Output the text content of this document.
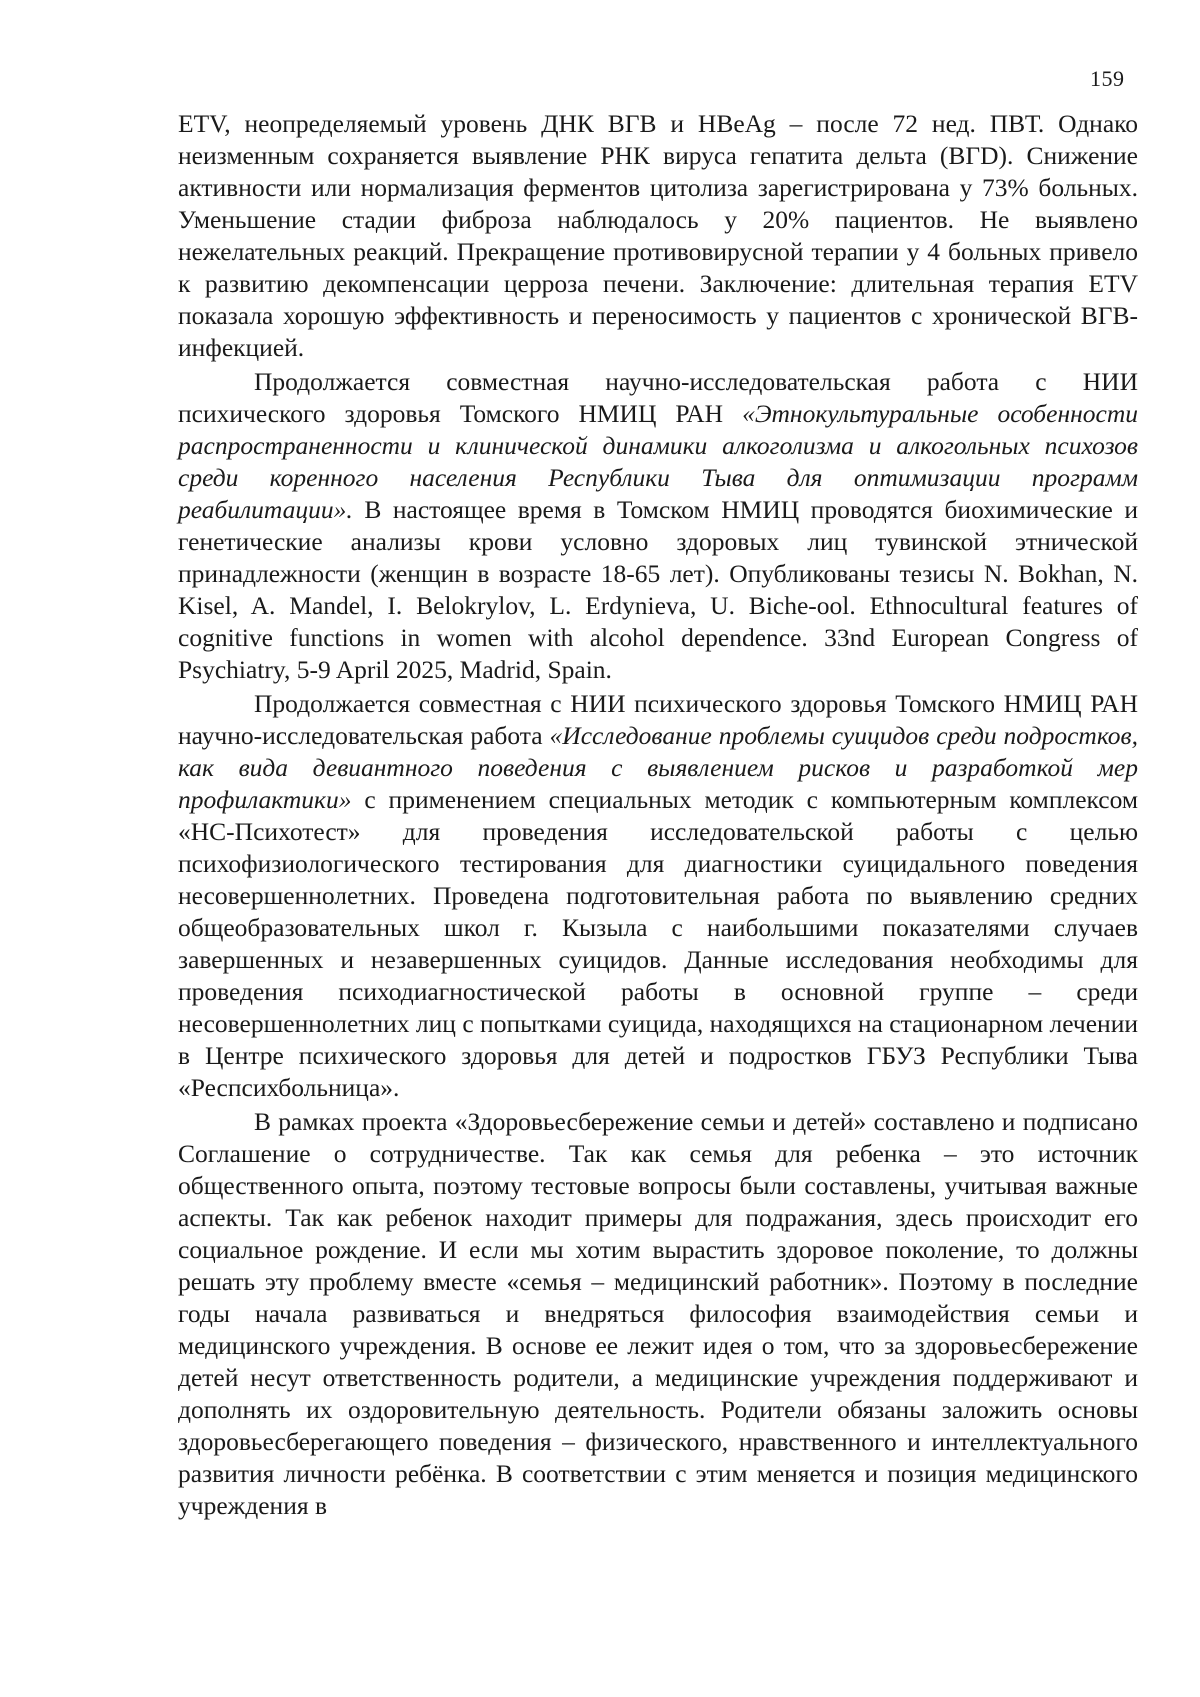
159

ETV, неопределяемый уровень ДНК ВГВ и HBeAg – после 72 нед. ПВТ. Однако неизменным сохраняется выявление РНК вируса гепатита дельта (ВГD). Снижение активности или нормализация ферментов цитолиза зарегистрирована у 73% больных. Уменьшение стадии фиброза наблюдалось у 20% пациентов. Не выявлено нежелательных реакций. Прекращение противовирусной терапии у 4 больных привело к развитию декомпенсации церроза печени. Заключение: длительная терапия ETV показала хорошую эффективность и переносимость у пациентов с хронической ВГВ-инфекцией.

Продолжается совместная научно-исследовательская работа с НИИ психического здоровья Томского НМИЦ РАН «Этнокультуральные особенности распространенности и клинической динамики алкоголизма и алкогольных психозов среди коренного населения Республики Тыва для оптимизации программ реабилитации». В настоящее время в Томском НМИЦ проводятся биохимические и генетические анализы крови условно здоровых лиц тувинской этнической принадлежности (женщин в возрасте 18-65 лет). Опубликованы тезисы N. Bokhan, N. Kisel, A. Mandel, I. Belokrylov, L. Erdynieva, U. Biche-ool. Ethnocultural features of cognitive functions in women with alcohol dependence. 33nd European Congress of Psychiatry, 5-9 April 2025, Madrid, Spain.

Продолжается совместная с НИИ психического здоровья Томского НМИЦ РАН научно-исследовательская работа «Исследование проблемы суицидов среди подростков, как вида девиантного поведения с выявлением рисков и разработкой мер профилактики» с применением специальных методик с компьютерным комплексом «НС-Психотест» для проведения исследовательской работы с целью психофизиологического тестирования для диагностики суицидального поведения несовершеннолетних. Проведена подготовительная работа по выявлению средних общеобразовательных школ г. Кызыла с наибольшими показателями случаев завершенных и незавершенных суицидов. Данные исследования необходимы для проведения психодиагностической работы в основной группе – среди несовершеннолетних лиц с попытками суицида, находящихся на стационарном лечении в Центре психического здоровья для детей и подростков ГБУЗ Республики Тыва «Респсихбольница».

В рамках проекта «Здоровьесбережение семьи и детей» составлено и подписано Соглашение о сотрудничестве. Так как семья для ребенка – это источник общественного опыта, поэтому тестовые вопросы были составлены, учитывая важные аспекты. Так как ребенок находит примеры для подражания, здесь происходит его социальное рождение. И если мы хотим вырастить здоровое поколение, то должны решать эту проблему вместе «семья – медицинский работник». Поэтому в последние годы начала развиваться и внедряться философия взаимодействия семьи и медицинского учреждения. В основе ее лежит идея о том, что за здоровьесбережение детей несут ответственность родители, а медицинские учреждения поддерживают и дополнять их оздоровительную деятельность. Родители обязаны заложить основы здоровьесберегающего поведения – физического, нравственного и интеллектуального развития личности ребёнка. В соответствии с этим меняется и позиция медицинского учреждения в
